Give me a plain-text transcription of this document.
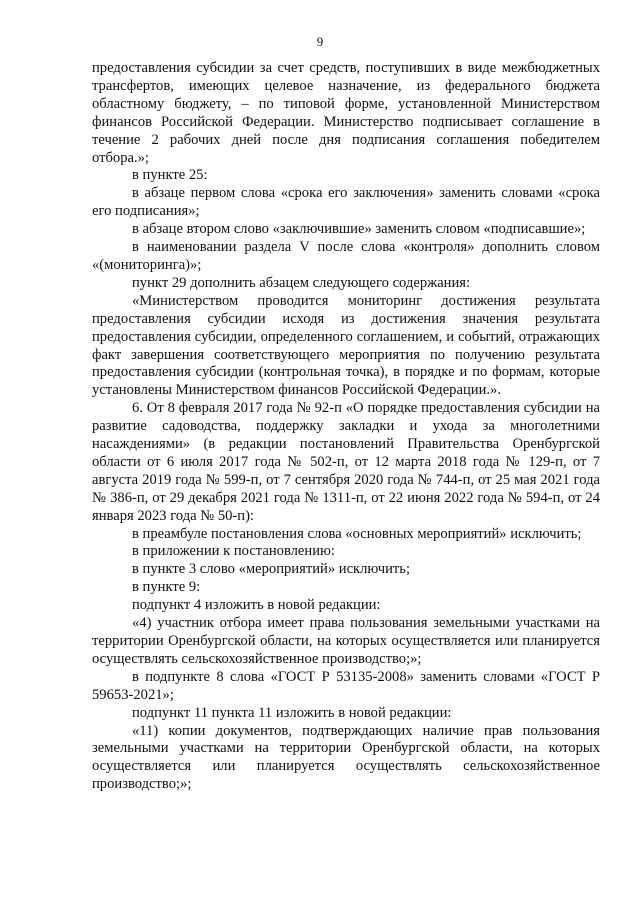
9

предоставления субсидии за счет средств, поступивших в виде межбюджетных трансфертов, имеющих целевое назначение, из федерального бюджета областному бюджету, – по типовой форме, установленной Министерством финансов Российской Федерации. Министерство подписывает соглашение в течение 2 рабочих дней после дня подписания соглашения победителем отбора.»;

в пункте 25:

в абзаце первом слова «срока его заключения» заменить словами «срока его подписания»;

в абзаце втором слово «заключившие» заменить словом «подписавшие»;

в наименовании раздела V после слова «контроля» дополнить словом «(мониторинга)»;

пункт 29 дополнить абзацем следующего содержания:

«Министерством проводится мониторинг достижения результата предоставления субсидии исходя из достижения значения результата предоставления субсидии, определенного соглашением, и событий, отражающих факт завершения соответствующего мероприятия по получению результата предоставления субсидии (контрольная точка), в порядке и по формам, которые установлены Министерством финансов Российской Федерации.».

6. От 8 февраля 2017 года № 92-п «О порядке предоставления субсидии на развитие садоводства, поддержку закладки и ухода за многолетними насаждениями» (в редакции постановлений Правительства Оренбургской области от 6 июля 2017 года № 502-п, от 12 марта 2018 года № 129-п, от 7 августа 2019 года № 599-п, от 7 сентября 2020 года № 744-п, от 25 мая 2021 года № 386-п, от 29 декабря 2021 года № 1311-п, от 22 июня 2022 года № 594-п, от 24 января 2023 года № 50-п):

в преамбуле постановления слова «основных мероприятий» исключить;

в приложении к постановлению:

в пункте 3 слово «мероприятий» исключить;

в пункте 9:

подпункт 4 изложить в новой редакции:

«4) участник отбора имеет права пользования земельными участками на территории Оренбургской области, на которых осуществляется или планируется осуществлять сельскохозяйственное производство;»;

в подпункте 8 слова «ГОСТ Р 53135-2008» заменить словами «ГОСТ Р 59653-2021»;

подпункт 11 пункта 11 изложить в новой редакции:

«11) копии документов, подтверждающих наличие прав пользования земельными участками на территории Оренбургской области, на которых осуществляется или планируется осуществлять сельскохозяйственное производство;»;
